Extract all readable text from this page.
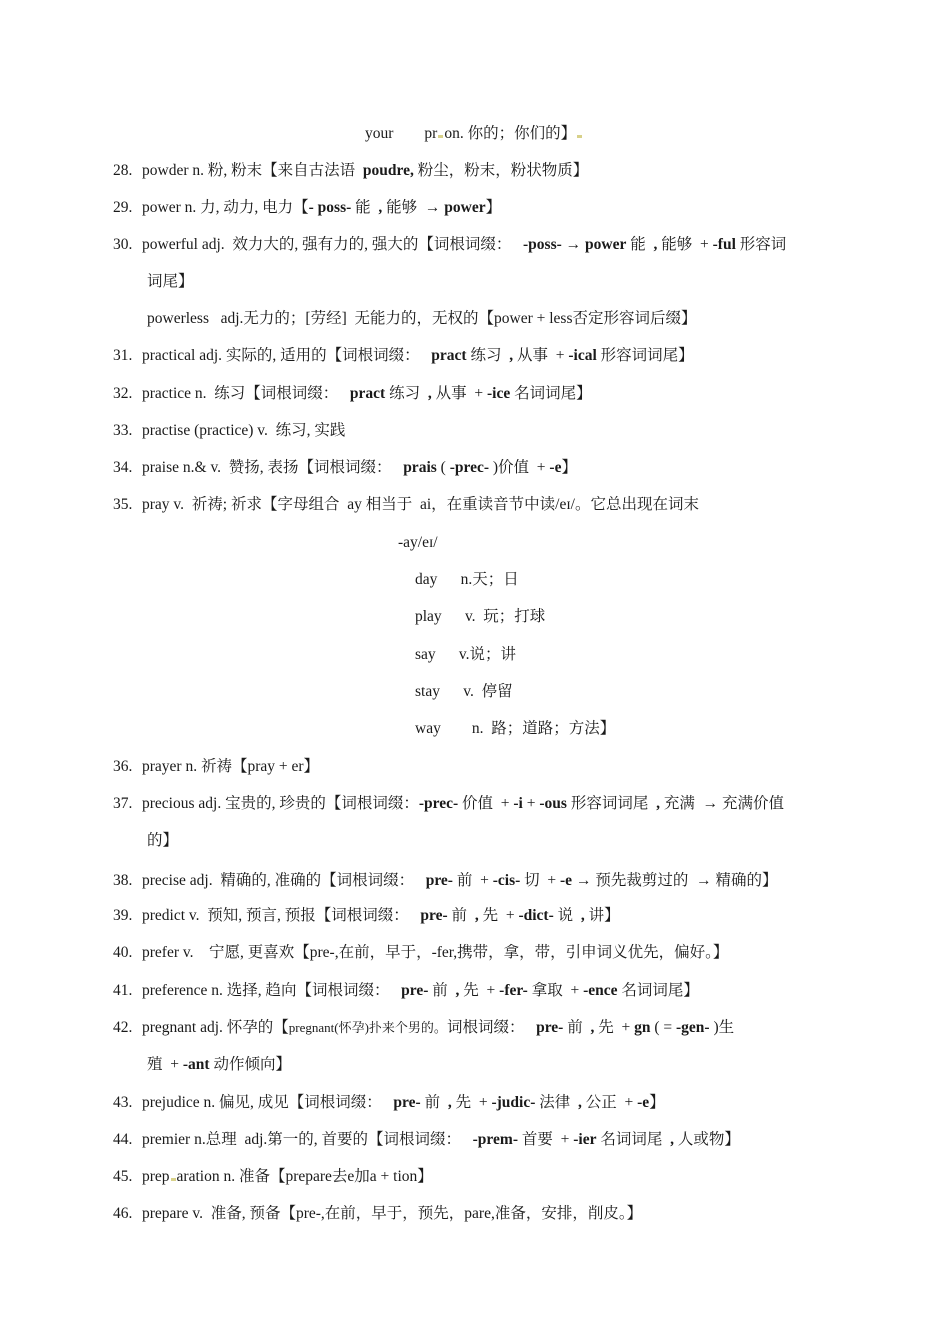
your pr on. 你的；你们的】
28. powder n. 粉, 粉末【来自古法语  poudre, 粉尘，粉末，粉状物质】
29. power n. 力, 动力, 电力【- poss- 能  , 能够  → power】
30. powerful adj.  效力大的, 强有力的, 强大的【词根词缀：   -poss- → power 能  , 能够  + -ful 形容词
词尾】
powerless   adj.无力的；[劳经]  无能力的，无权的【power + less否定形容词后缀】
31. practical adj. 实际的, 适用的【词根词缀：   pract 练习  , 从事  + -ical 形容词词尾】
32. practice n.  练习【词根词缀：   pract 练习  , 从事  + -ice 名词词尾】
33. practise (practice) v.  练习, 实践
34. praise n.& v.  赞扬, 表扬【词根词缀：   prais ( -prec- )价值  + -e】
35. pray v.  祈祷; 祈求【字母组合  ay 相当于  ai，在重读音节中读/eɪ/。它总出现在词末
-ay/eɪ/
day n.天；日
play v.  玩；打球
say v.说；讲
stay v.  停留
way n.  路；道路；方法】
36. prayer n. 祈祷【pray + er】
37. precious adj. 宝贵的, 珍贵的【词根词缀：-prec- 价值  + -i + -ous 形容词词尾  , 充满  → 充满价值
的】
38. precise adj.  精确的, 准确的【词根词缀：   pre- 前  + -cis- 切  + -e → 预先裁剪过的  → 精确的】
39. predict v.  预知, 预言, 预报【词根词缀：   pre- 前  , 先  + -dict- 说  , 讲】
40. prefer v.    宁愿, 更喜欢【pre-,在前，早于，-fer,携带，拿，带，引申词义优先，偏好。】
41. preference n. 选择, 趋向【词根词缀：   pre- 前  , 先  + -fer- 拿取  + -ence 名词词尾】
42. pregnant adj. 怀孕的【pregnant(怀孕)扑来个男的。词根词缀：   pre- 前  , 先  + gn ( = -gen- )生
殖  + -ant 动作倾向】
43. prejudice n. 偏见, 成见【词根词缀：   pre- 前  , 先  + -judic- 法律  , 公正  + -e】
44. premier n.总理  adj.第一的, 首要的【词根词缀：   -prem- 首要  + -ier 名词词尾  , 人或物】
45. prep aration n. 准备【prepare去e加a + tion】
46. prepare v.  准备, 预备【pre-,在前，早于，预先，pare,准备，安排，削皮。】
